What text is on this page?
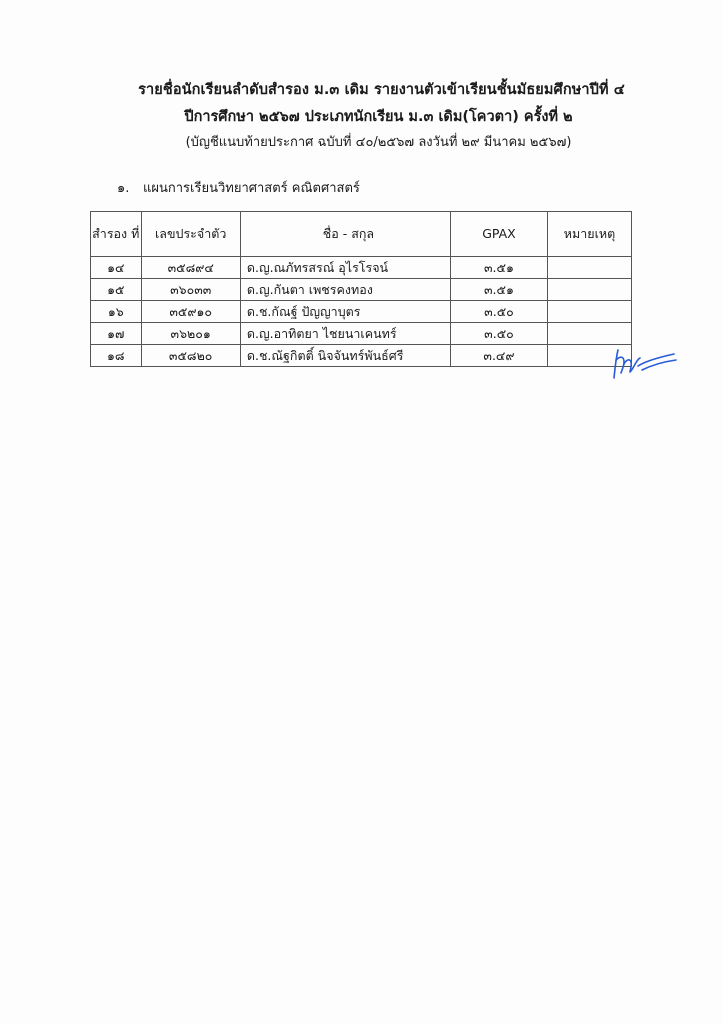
รายชื่อนักเรียนลำดับสำรอง ม.๓ เดิม รายงานตัวเข้าเรียนชั้นมัธยมศึกษาปีที่ ๔
ปีการศึกษา ๒๕๖๗ ประเภทนักเรียน ม.๓ เดิม(โควตา) ครั้งที่ ๒
(บัญชีแนบท้ายประกาศ ฉบับที่ ๔๐/๒๕๖๗ ลงวันที่ ๒๙ มีนาคม ๒๕๖๗)
๑. แผนการเรียนวิทยาศาสตร์ คณิตศาสตร์
สำรอง ที่	เลขประจำตัว	ชื่อ - สกุล	GPAX	หมายเหตุ
๑๔	๓๕๘๙๔	ด.ญ.ณภัทรสรณ์ อุไรโรจน์	๓.๕๑	
๑๕	๓๖๐๓๓	ด.ญ.กันตา เพชรคงทอง	๓.๕๑	
๑๖	๓๕๙๑๐	ด.ช.กัณฐ์ ปัญญาบุตร	๓.๕๐	
๑๗	๓๖๒๐๑	ด.ญ.อาทิตยา ไชยนาเคนทร์	๓.๕๐	
๑๘	๓๕๘๒๐	ด.ช.ณัฐกิตติ์ นิจจันทร์พันธ์ศรี	๓.๔๙	
